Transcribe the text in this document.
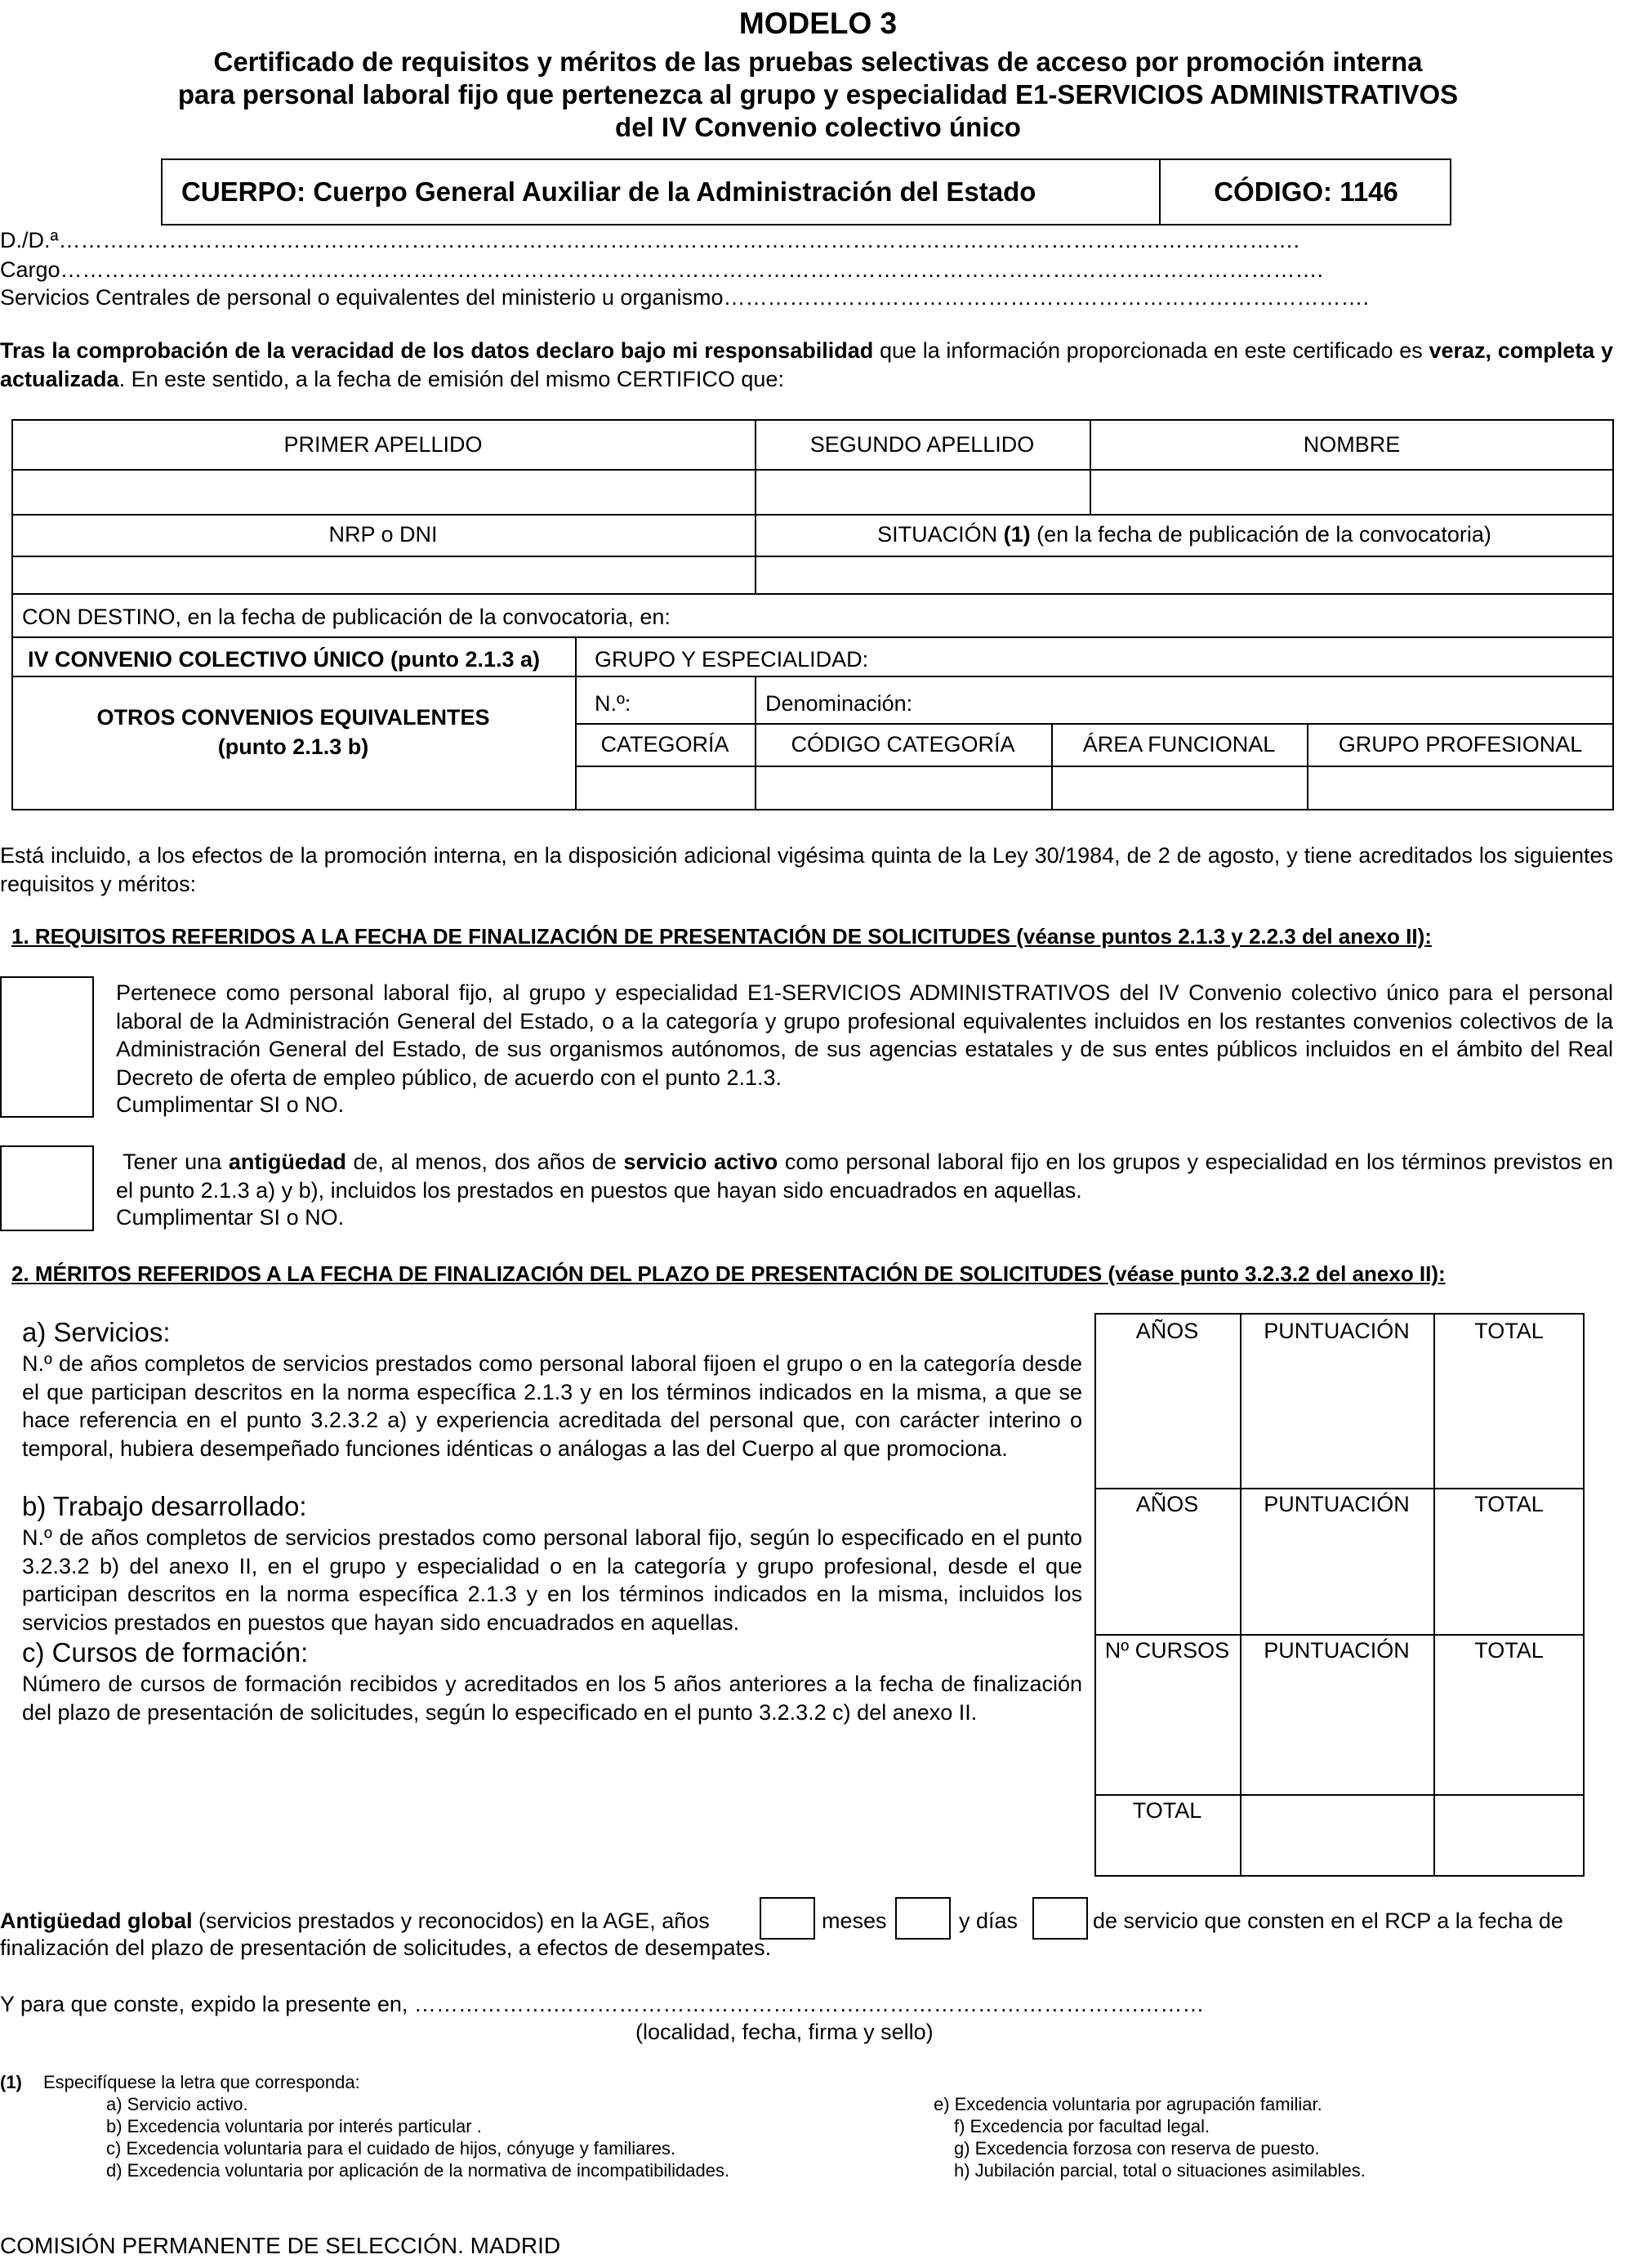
MODELO 3
Certificado de requisitos y méritos de las pruebas selectivas de acceso por promoción interna
para personal laboral fijo que pertenezca al grupo y especialidad E1-SERVICIOS ADMINISTRATIVOS
del IV Convenio colectivo único
CUERPO: Cuerpo General Auxiliar de la Administración del Estado	CÓDIGO: 1146
D./D.ª…………………………………………………………………………………………………………………………………………………….
Cargo……………………………………………………………………………………………………………………………………………………….
Servicios Centrales de personal o equivalentes del ministerio u organismo…………………………………………………………………………….
Tras la comprobación de la veracidad de los datos declaro bajo mi responsabilidad que la información proporcionada en este certificado es veraz, completa y actualizada. En este sentido, a la fecha de emisión del mismo CERTIFICO que:
PRIMER APELLIDO	SEGUNDO APELLIDO	NOMBRE
NRP o DNI	SITUACIÓN (1) (en la fecha de publicación de la convocatoria)
CON DESTINO, en la fecha de publicación de la convocatoria, en:
IV CONVENIO COLECTIVO ÚNICO (punto 2.1.3 a) GRUPO Y ESPECIALIDAD:
OTROS CONVENIOS EQUIVALENTES
(punto 2.1.3 b)
N.º:	Denominación:
CATEGORÍA	CÓDIGO CATEGORÍA	ÁREA FUNCIONAL	GRUPO PROFESIONAL
Está incluido, a los efectos de la promoción interna, en la disposición adicional vigésima quinta de la Ley 30/1984, de 2 de agosto, y tiene acreditados los siguientes requisitos y méritos:
1. REQUISITOS REFERIDOS A LA FECHA DE FINALIZACIÓN DE PRESENTACIÓN DE SOLICITUDES (véanse puntos 2.1.3 y 2.2.3 del anexo II):
Pertenece como personal laboral fijo, al grupo y especialidad E1-SERVICIOS ADMINISTRATIVOS del IV Convenio colectivo único para el personal laboral de la Administración General del Estado, o a la categoría y grupo profesional equivalentes incluidos en los restantes convenios colectivos de la Administración General del Estado, de sus organismos autónomos, de sus agencias estatales y de sus entes públicos incluidos en el ámbito del Real Decreto de oferta de empleo público, de acuerdo con el punto 2.1.3.
Cumplimentar SI o NO.
Tener una antigüedad de, al menos, dos años de servicio activo como personal laboral fijo en los grupos y especialidad en los términos previstos en el punto 2.1.3 a) y b), incluidos los prestados en puestos que hayan sido encuadrados en aquellas.
Cumplimentar SI o NO.
2. MÉRITOS REFERIDOS A LA FECHA DE FINALIZACIÓN DEL PLAZO DE PRESENTACIÓN DE SOLICITUDES (véase punto 3.2.3.2 del anexo II):
a) Servicios:
N.º de años completos de servicios prestados como personal laboral fijoen el grupo o en la categoría desde el que participan descritos en la norma específica 2.1.3 y en los términos indicados en la misma, a que se hace referencia en el punto 3.2.3.2 a) y experiencia acreditada del personal que, con carácter interino o temporal, hubiera desempeñado funciones idénticas o análogas a las del Cuerpo al que promociona.
b) Trabajo desarrollado:
N.º de años completos de servicios prestados como personal laboral fijo, según lo especificado en el punto 3.2.3.2 b) del anexo II, en el grupo y especialidad o en la categoría y grupo profesional, desde el que participan descritos en la norma específica 2.1.3 y en los términos indicados en la misma, incluidos los servicios prestados en puestos que hayan sido encuadrados en aquellas.
c) Cursos de formación:
Número de cursos de formación recibidos y acreditados en los 5 años anteriores a la fecha de finalización del plazo de presentación de solicitudes, según lo especificado en el punto 3.2.3.2 c) del anexo II.
AÑOS	PUNTUACIÓN	TOTAL
AÑOS	PUNTUACIÓN	TOTAL
Nº CURSOS	PUNTUACIÓN	TOTAL
TOTAL
Antigüedad global (servicios prestados y reconocidos) en la AGE, años	meses	y días	de servicio que consten en el RCP a la fecha de
finalización del plazo de presentación de solicitudes, a efectos de desempates.
Y para que conste, expido la presente en, ……………….…………………………………….……………………………….………
(localidad, fecha, firma y sello)
(1) Especifíquese la letra que corresponda:
a) Servicio activo.
b) Excedencia voluntaria por interés particular .
c) Excedencia voluntaria para el cuidado de hijos, cónyuge y familiares.
d) Excedencia voluntaria por aplicación de la normativa de incompatibilidades.
e) Excedencia voluntaria por agrupación familiar.
f) Excedencia por facultad legal.
g) Excedencia forzosa con reserva de puesto.
h) Jubilación parcial, total o situaciones asimilables.
COMISIÓN PERMANENTE DE SELECCIÓN. MADRID
